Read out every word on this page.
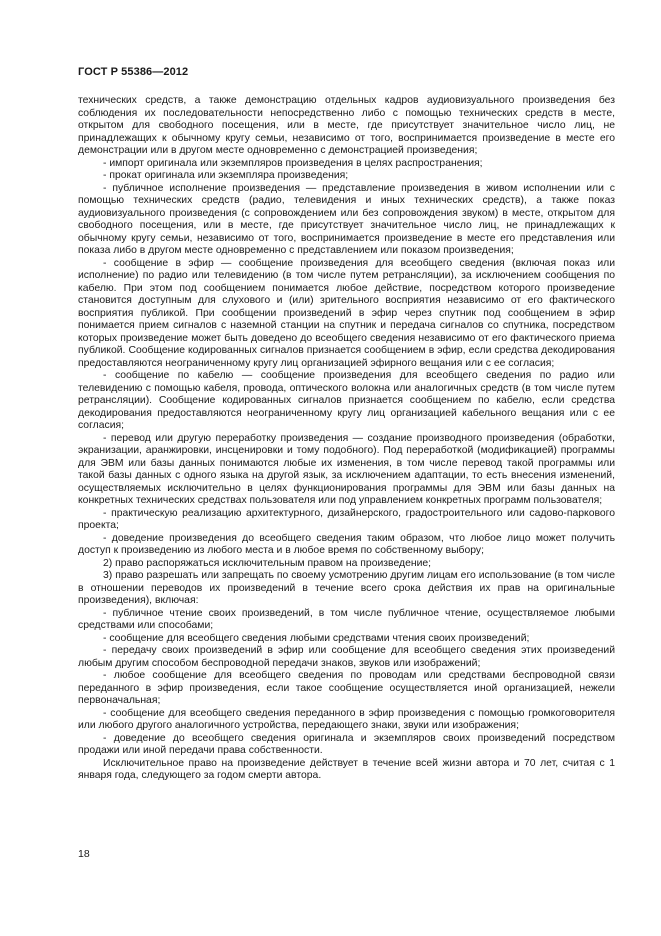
ГОСТ Р 55386—2012

технических средств, а также демонстрацию отдельных кадров аудиовизуального произведения без соблюдения их последовательности непосредственно либо с помощью технических средств в месте, открытом для свободного посещения, или в месте, где присутствует значительное число лиц, не принадлежащих к обычному кругу семьи, независимо от того, воспринимается произведение в месте его демонстрации или в другом месте одновременно с демонстрацией произведения;

- импорт оригинала или экземпляров произведения в целях распространения;

- прокат оригинала или экземпляра произведения;

- публичное исполнение произведения — представление произведения в живом исполнении или с помощью технических средств (радио, телевидения и иных технических средств), а также показ аудиовизуального произведения (с сопровождением или без сопровождения звуком) в месте, открытом для свободного посещения, или в месте, где присутствует значительное число лиц, не принадлежащих к обычному кругу семьи, независимо от того, воспринимается произведение в месте его представления или показа либо в другом месте одновременно с представлением или показом произведения;

- сообщение в эфир — сообщение произведения для всеобщего сведения (включая показ или исполнение) по радио или телевидению (в том числе путем ретрансляции), за исключением сообщения по кабелю. При этом под сообщением понимается любое действие, посредством которого произведение становится доступным для слухового и (или) зрительного восприятия независимо от его фактического восприятия публикой. При сообщении произведений в эфир через спутник под сообщением в эфир понимается прием сигналов с наземной станции на спутник и передача сигналов со спутника, посредством которых произведение может быть доведено до всеобщего сведения независимо от его фактического приема публикой. Сообщение кодированных сигналов признается сообщением в эфир, если средства декодирования предоставляются неограниченному кругу лиц организацией эфирного вещания или с ее согласия;

- сообщение по кабелю — сообщение произведения для всеобщего сведения по радио или телевидению с помощью кабеля, провода, оптического волокна или аналогичных средств (в том числе путем ретрансляции). Сообщение кодированных сигналов признается сообщением по кабелю, если средства декодирования предоставляются неограниченному кругу лиц организацией кабельного вещания или с ее согласия;

- перевод или другую переработку произведения — создание производного произведения (обработки, экранизации, аранжировки, инсценировки и тому подобного). Под переработкой (модификацией) программы для ЭВМ или базы данных понимаются любые их изменения, в том числе перевод такой программы или такой базы данных с одного языка на другой язык, за исключением адаптации, то есть внесения изменений, осуществляемых исключительно в целях функционирования программы для ЭВМ или базы данных на конкретных технических средствах пользователя или под управлением конкретных программ пользователя;

- практическую реализацию архитектурного, дизайнерского, градостроительного или садово-паркового проекта;

- доведение произведения до всеобщего сведения таким образом, что любое лицо может получить доступ к произведению из любого места и в любое время по собственному выбору;

2) право распоряжаться исключительным правом на произведение;

3) право разрешать или запрещать по своему усмотрению другим лицам его использование (в том числе в отношении переводов их произведений в течение всего срока действия их прав на оригинальные произведения), включая:

- публичное чтение своих произведений, в том числе публичное чтение, осуществляемое любыми средствами или способами;

- сообщение для всеобщего сведения любыми средствами чтения своих произведений;

- передачу своих произведений в эфир или сообщение для всеобщего сведения этих произведений любым другим способом беспроводной передачи знаков, звуков или изображений;

- любое сообщение для всеобщего сведения по проводам или средствами беспроводной связи переданного в эфир произведения, если такое сообщение осуществляется иной организацией, нежели первоначальная;

- сообщение для всеобщего сведения переданного в эфир произведения с помощью громкоговорителя или любого другого аналогичного устройства, передающего знаки, звуки или изображения;

- доведение до всеобщего сведения оригинала и экземпляров своих произведений посредством продажи или иной передачи права собственности.

Исключительное право на произведение действует в течение всей жизни автора и 70 лет, считая с 1 января года, следующего за годом смерти автора.

18
